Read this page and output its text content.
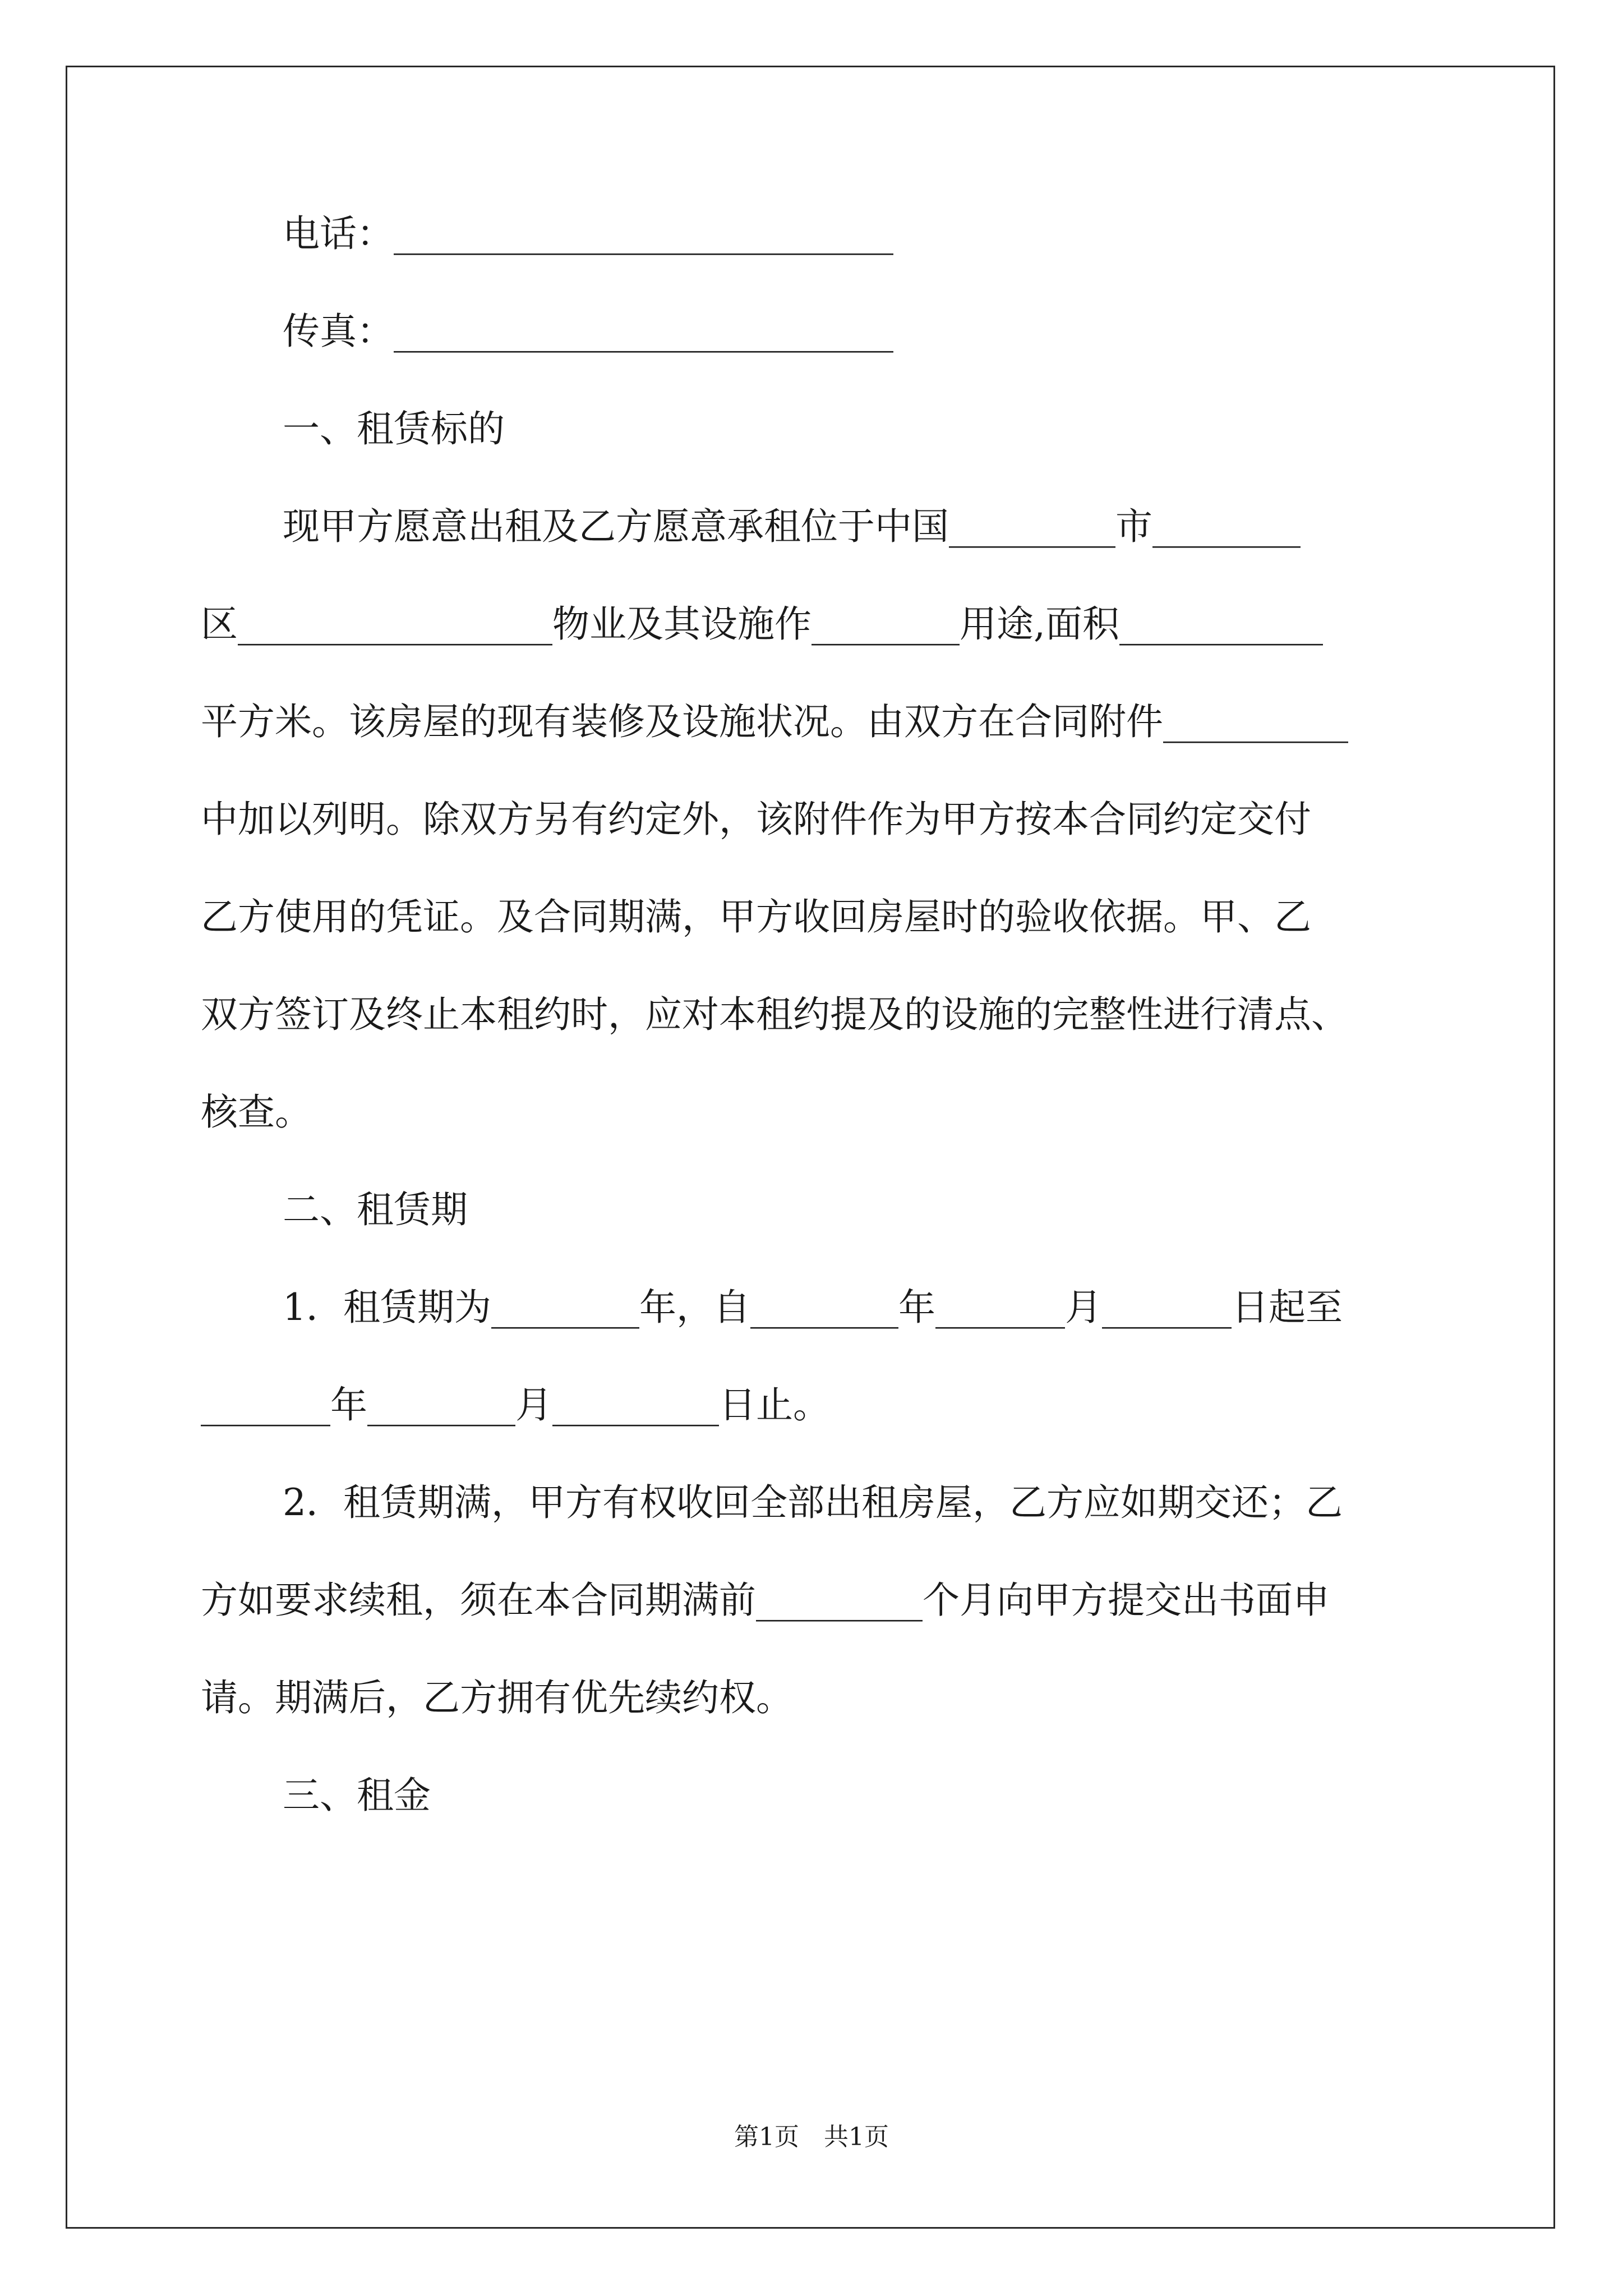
电话：___________________________
传真：___________________________
一、租赁标的
现甲方愿意出租及乙方愿意承租位于中国_________市________
区_________________物业及其设施作________用途,面积___________
平方米。该房屋的现有装修及设施状况。由双方在合同附件__________
中加以列明。除双方另有约定外，该附件作为甲方按本合同约定交付
乙方使用的凭证。及合同期满，甲方收回房屋时的验收依据。甲、乙
双方签订及终止本租约时，应对本租约提及的设施的完整性进行清点、
核查。
二、租赁期
1．租赁期为________年，自________年_______月_______日起至
_______年________月_________日止。
2．租赁期满，甲方有权收回全部出租房屋，乙方应如期交还；乙
方如要求续租，须在本合同期满前_________个月向甲方提交出书面申
请。期满后，乙方拥有优先续约权。
三、租金
第1页　共1页
